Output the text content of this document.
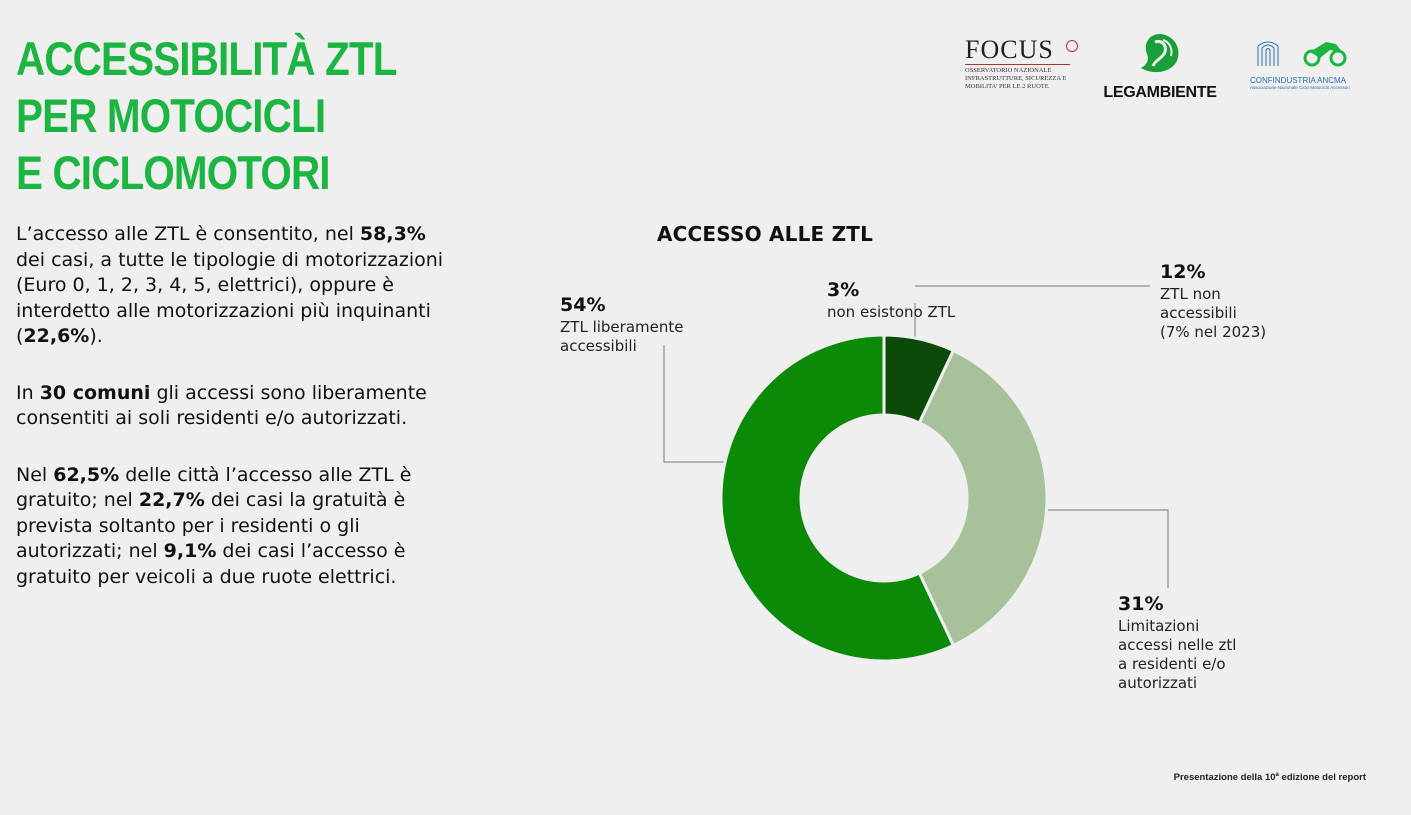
ACCESSIBILITÀ ZTL
PER MOTOCICLI
E CICLOMOTORI

L’accesso alle ZTL è consentito, nel 58,3% dei casi, a tutte le tipologie di motorizzazioni (Euro 0, 1, 2, 3, 4, 5, elettrici), oppure è interdetto alle motorizzazioni più inquinanti (22,6%).

In 30 comuni gli accessi sono liberamente consentiti ai soli residenti e/o autorizzati.

Nel 62,5% delle città l’accesso alle ZTL è gratuito; nel 22,7% dei casi la gratuità è prevista soltanto per i residenti o gli autorizzati; nel 9,1% dei casi l’accesso è gratuito per veicoli a due ruote elettrici.

FOCUS
OSSERVATORIO NAZIONALE INFRASTRUTTURE, SICUREZZA E MOBILITA' PER LE 2 RUOTE	LEGAMBIENTE
CONFINDUSTRIA ANCMA
Associazione Nazionale Ciclo Motociclo Accessori
ACCESSO ALLE ZTL
3%
non esistono ZTL
12%
ZTL non
accessibili
(7% nel 2023)
31%
Limitazioni
accessi nelle ztl
a residenti e/o
autorizzati
54%
ZTL liberamente
accessibili
Presentazione della 10$^a$ edizione del report
